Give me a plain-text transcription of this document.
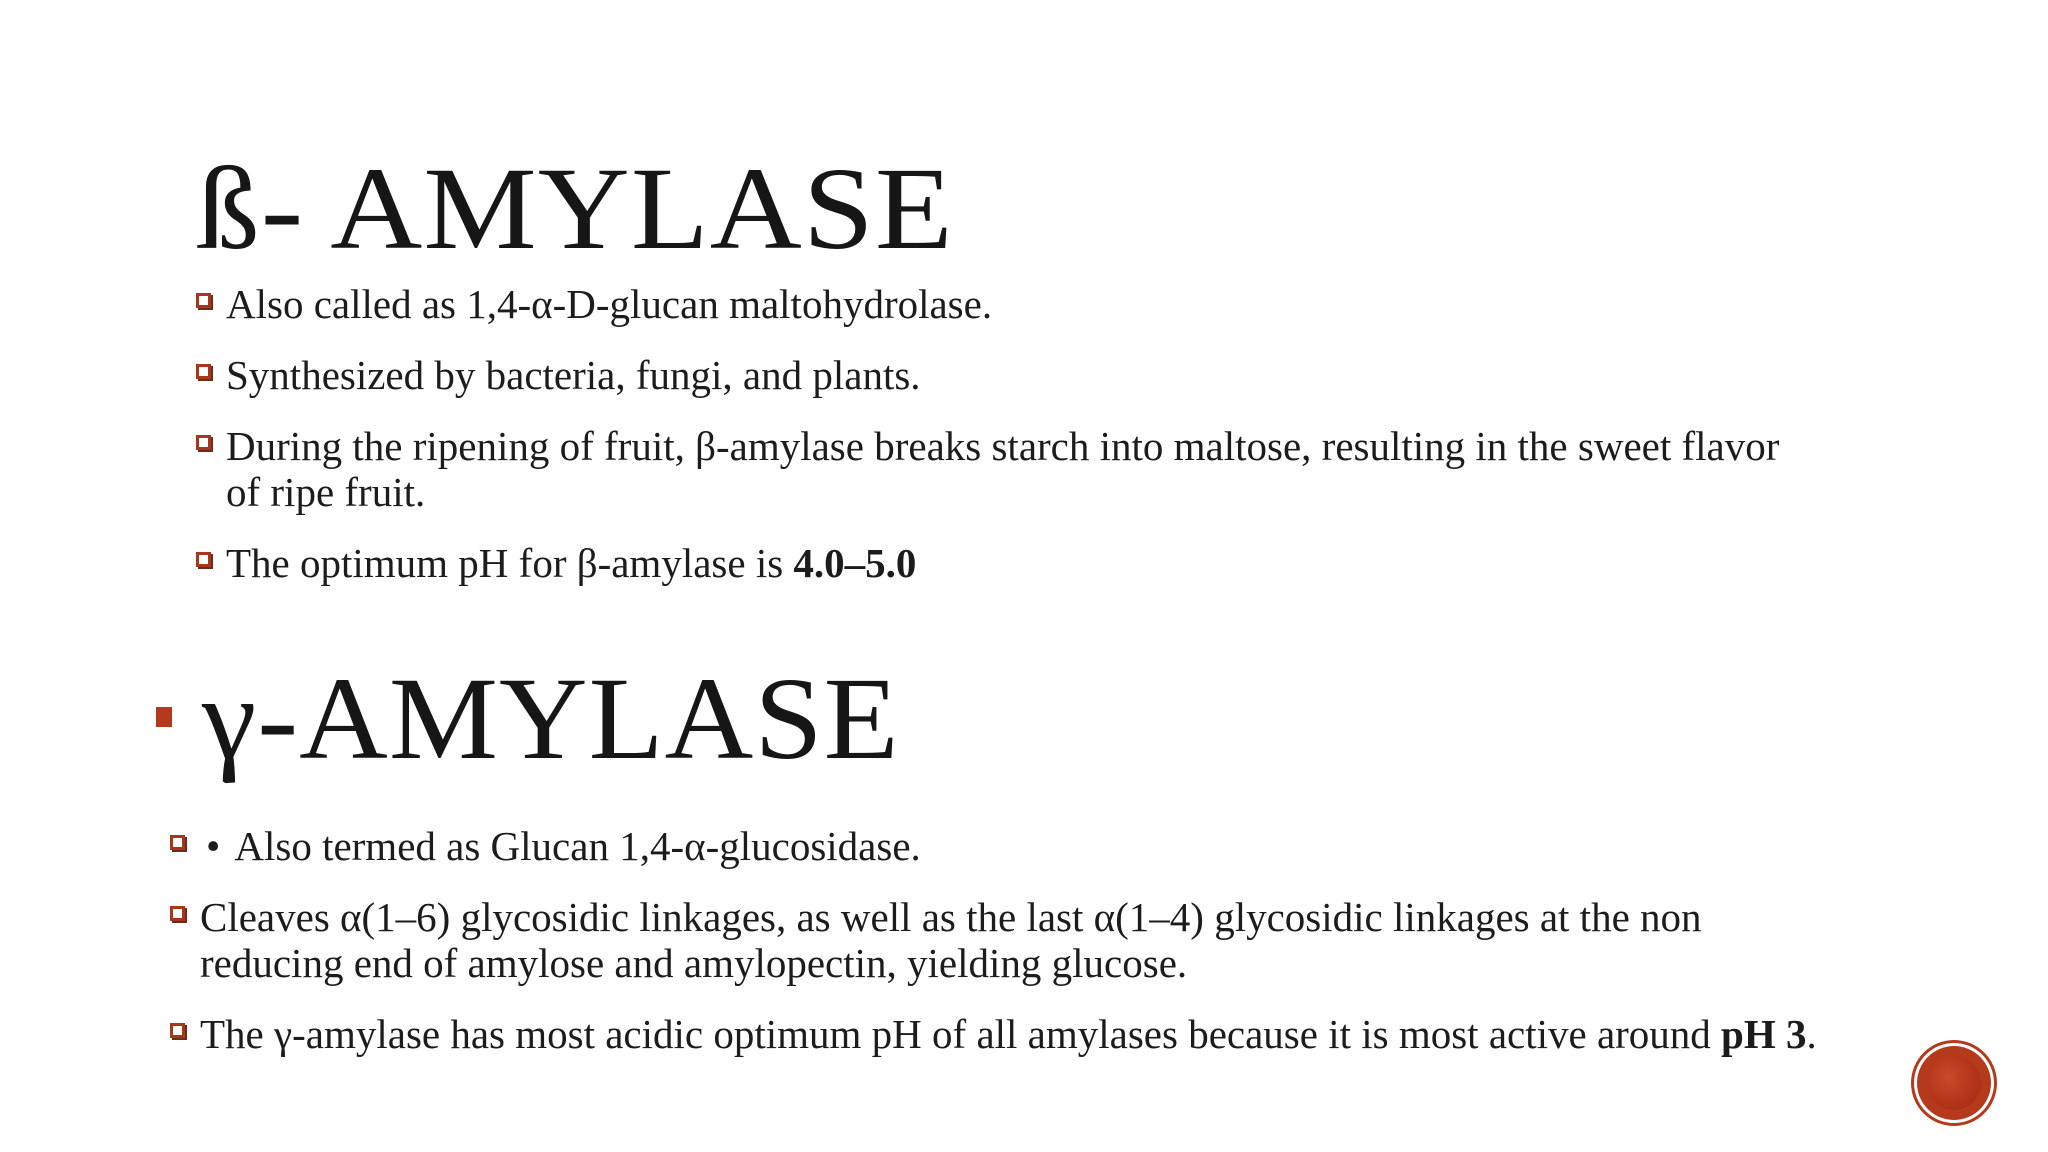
ß- AMYLASE
Also called as 1,4-α-D-glucan maltohydrolase.
Synthesized by bacteria, fungi, and plants.
During the ripening of fruit, β-amylase breaks starch into maltose, resulting in the sweet flavor of ripe fruit.
The optimum pH for β-amylase is 4.0–5.0
γ-AMYLASE
• Also termed as Glucan 1,4-α-glucosidase.
Cleaves α(1–6) glycosidic linkages, as well as the last α(1–4) glycosidic linkages at the non reducing end of amylose and amylopectin, yielding glucose.
The γ-amylase has most acidic optimum pH of all amylases because it is most active around pH 3.
